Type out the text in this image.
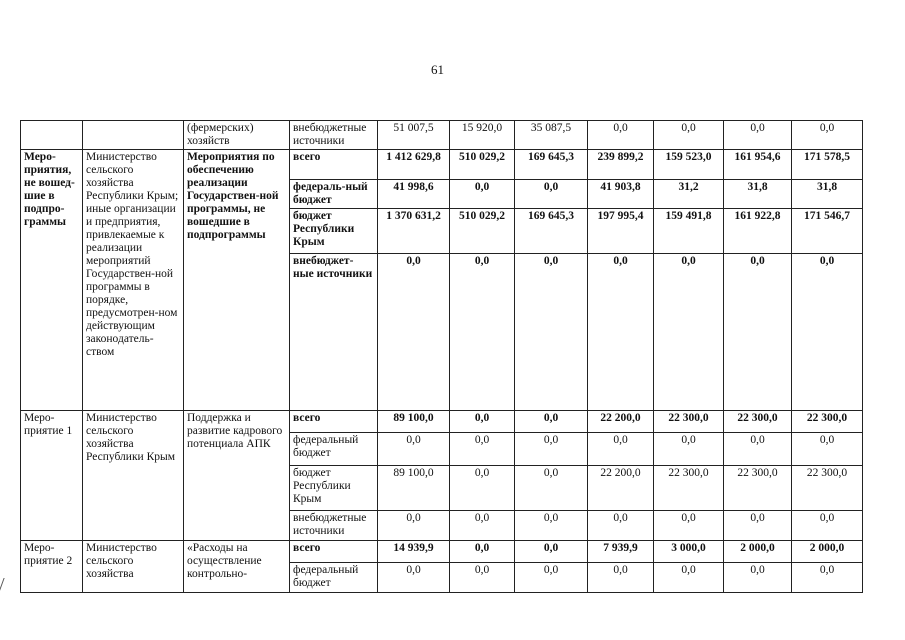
61
		(фермерских) хозяйств	внебюджетные источники	51 007,5	15 920,0	35 087,5	0,0	0,0	0,0	0,0
Меро-приятия, не вошед-шие в подпро-граммы	Министерство сельского хозяйства Республики Крым; иные организации и предприятия, привлекаемые к реализации мероприятий Государствен-ной программы в порядке, предусмотрен-ном действующим законодатель-ством	Мероприятия по обеспечению реализации Государствен-ной программы, не вошедшие в подпрограммы	всего	1 412 629,8	510 029,2	169 645,3	239 899,2	159 523,0	161 954,6	171 578,5
			федераль-ный бюджет	41 998,6	0,0	0,0	41 903,8	31,2	31,8	31,8
			бюджет Республики Крым	1 370 631,2	510 029,2	169 645,3	197 995,4	159 491,8	161 922,8	171 546,7
			внебюджет-ные источники	0,0	0,0	0,0	0,0	0,0	0,0	0,0
Меро-приятие 1	Министерство сельского хозяйства Республики Крым	Поддержка и развитие кадрового потенциала АПК	всего	89 100,0	0,0	0,0	22 200,0	22 300,0	22 300,0	22 300,0
			федеральный бюджет	0,0	0,0	0,0	0,0	0,0	0,0	0,0
			бюджет Республики Крым	89 100,0	0,0	0,0	22 200,0	22 300,0	22 300,0	22 300,0
			внебюджетные источники	0,0	0,0	0,0	0,0	0,0	0,0	0,0
Меро-приятие 2	Министерство сельского хозяйства	«Расходы на осуществление контрольно-	всего	14 939,9	0,0	0,0	7 939,9	3 000,0	2 000,0	2 000,0
			федеральный бюджет	0,0	0,0	0,0	0,0	0,0	0,0	0,0
